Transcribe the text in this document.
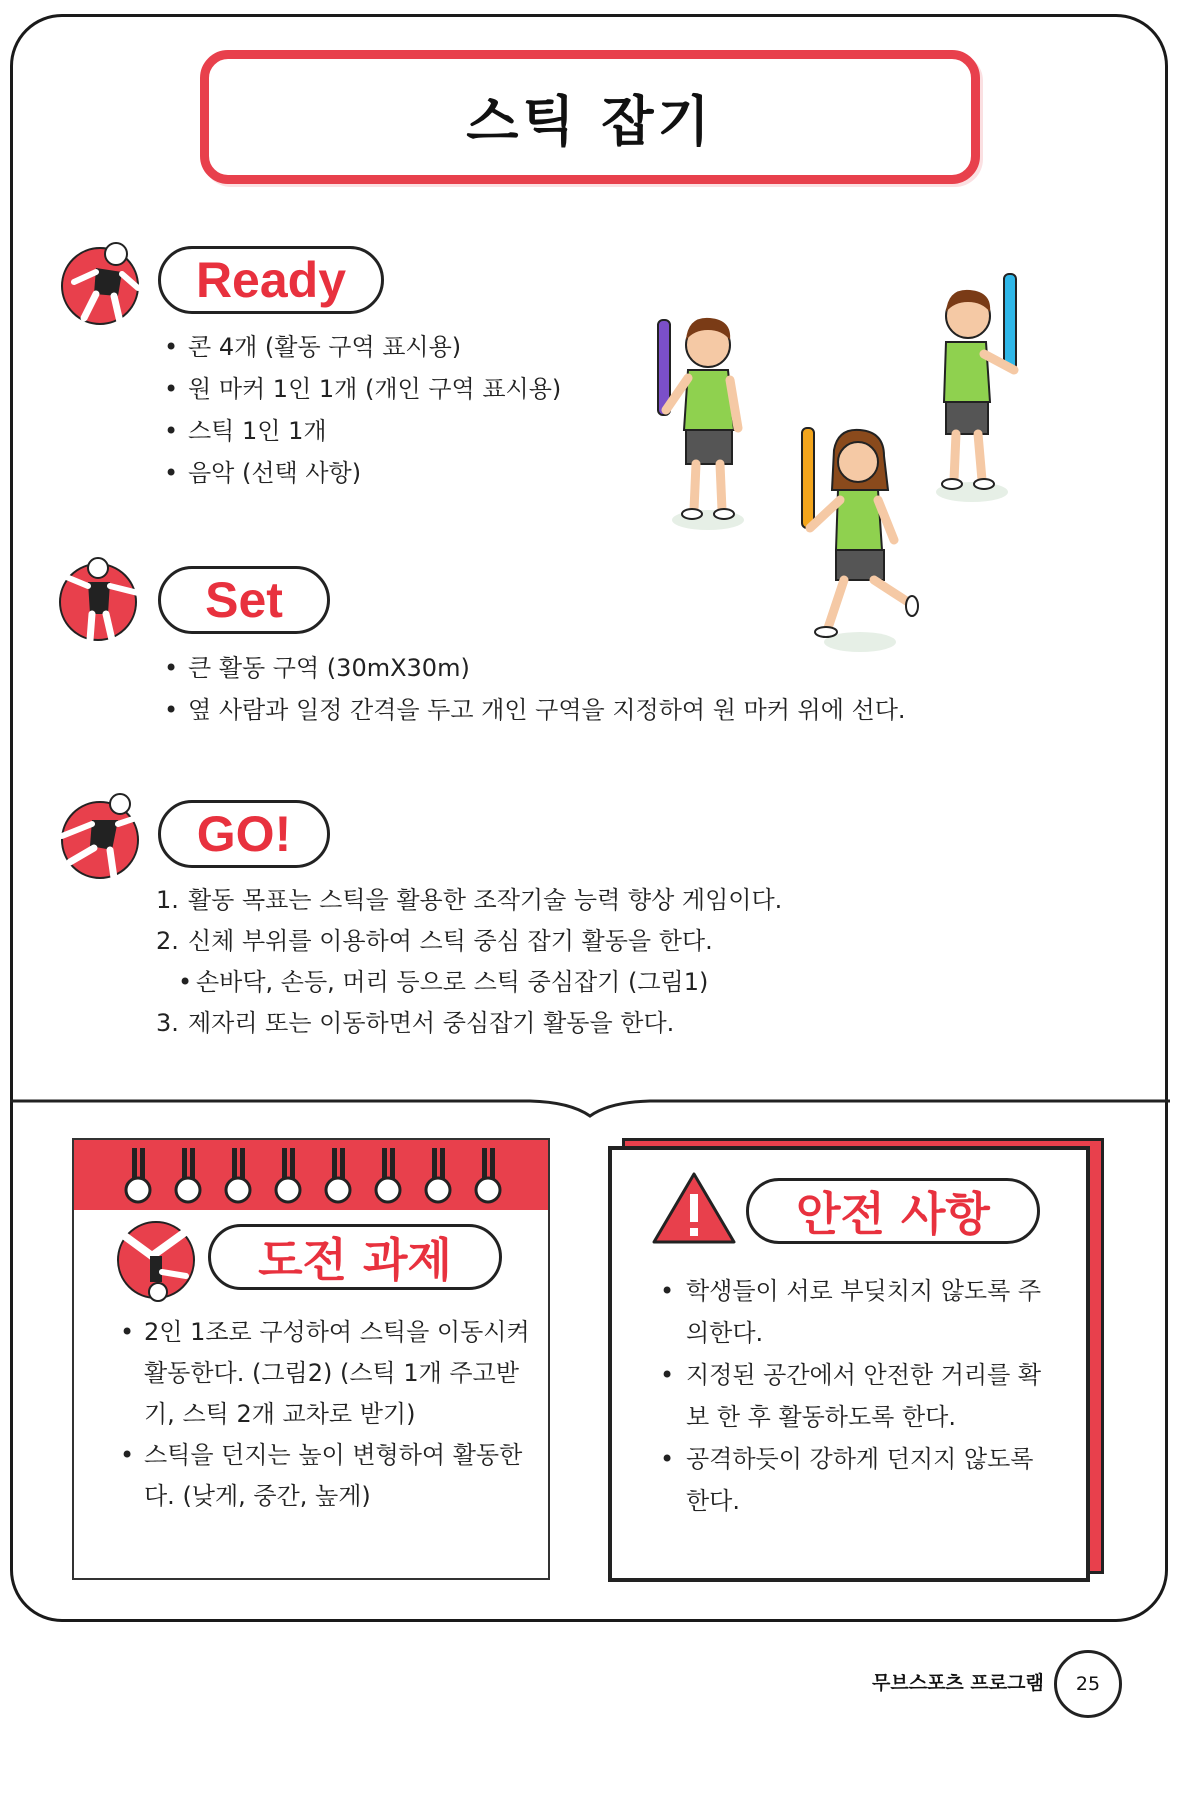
스틱 잡기
Ready
• 콘 4개 (활동 구역 표시용)
• 원 마커 1인 1개 (개인 구역 표시용)
• 스틱 1인 1개
• 음악 (선택 사항)
Set
• 큰 활동 구역 (30mX30m)
• 옆 사람과 일정 간격을 두고 개인 구역을 지정하여 원 마커 위에 선다.
GO!
1. 활동 목표는 스틱을 활용한 조작기술 능력 향상 게임이다.
2. 신체 부위를 이용하여 스틱 중심 잡기 활동을 한다.
• 손바닥, 손등, 머리 등으로 스틱 중심잡기 (그림1)
3. 제자리 또는 이동하면서 중심잡기 활동을 한다.
도전 과제
• 2인 1조로 구성하여 스틱을 이동시켜 활동한다. (그림2) (스틱 1개 주고받기, 스틱 2개 교차로 받기)
• 스틱을 던지는 높이 변형하여 활동한다. (낮게, 중간, 높게)
안전 사항
• 학생들이 서로 부딪치지 않도록 주의한다.
• 지정된 공간에서 안전한 거리를 확보 한 후 활동하도록 한다.
• 공격하듯이 강하게 던지지 않도록 한다.
무브스포츠 프로그램	25
